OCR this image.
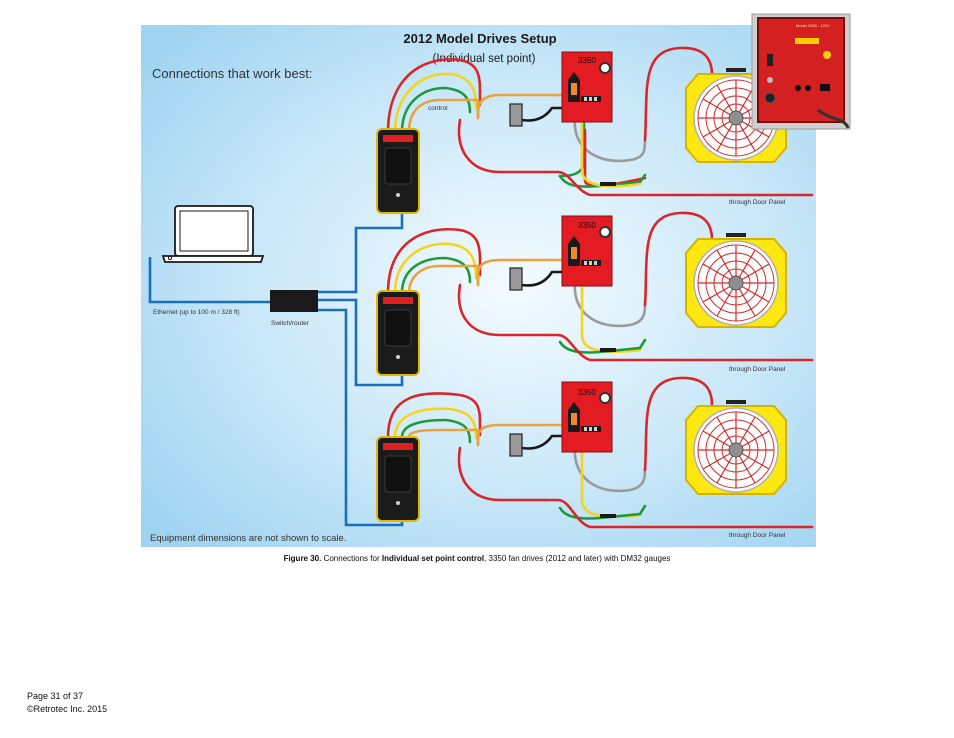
2012 Model Drives Setup
(Individual set point)
Connections that work best:
Ethernet (up to 100 m / 328 ft)
Switch/router
control
3350
through Door Panel
3350
through Door Panel
3350
through Door Panel
Equipment dimensions are not shown to scale.
Model 3350 - 120V
Figure 30. Connections for Individual set point control, 3350 fan drives (2012 and later) with DM32 gauges
Page 31 of 37
©Retrotec Inc. 2015
